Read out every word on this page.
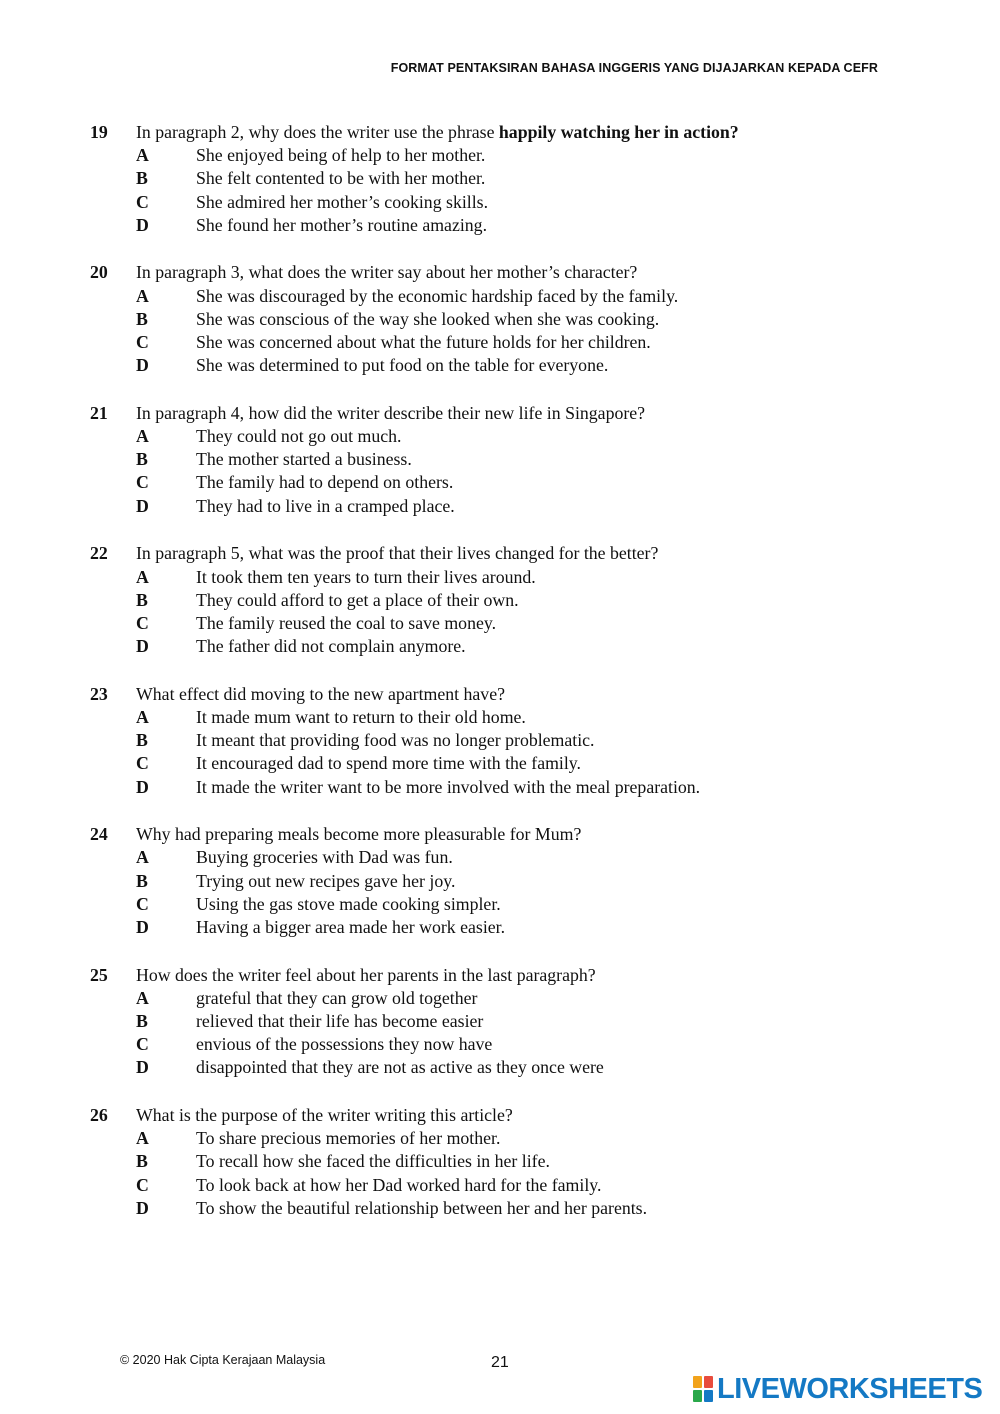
FORMAT PENTAKSIRAN BAHASA INGGERIS YANG DIJAJARKAN KEPADA CEFR
19	In paragraph 2, why does the writer use the phrase happily watching her in action?
A	She enjoyed being of help to her mother.
B	She felt contented to be with her mother.
C	She admired her mother’s cooking skills.
D	She found her mother’s routine amazing.
20	In paragraph 3, what does the writer say about her mother’s character?
A	She was discouraged by the economic hardship faced by the family.
B	She was conscious of the way she looked when she was cooking.
C	She was concerned about what the future holds for her children.
D	She was determined to put food on the table for everyone.
21	In paragraph 4, how did the writer describe their new life in Singapore?
A	They could not go out much.
B	The mother started a business.
C	The family had to depend on others.
D	They had to live in a cramped place.
22	In paragraph 5, what was the proof that their lives changed for the better?
A	It took them ten years to turn their lives around.
B	They could afford to get a place of their own.
C	The family reused the coal to save money.
D	The father did not complain anymore.
23	What effect did moving to the new apartment have?
A	It made mum want to return to their old home.
B	It meant that providing food was no longer problematic.
C	It encouraged dad to spend more time with the family.
D	It made the writer want to be more involved with the meal preparation.
24	Why had preparing meals become more pleasurable for Mum?
A	Buying groceries with Dad was fun.
B	Trying out new recipes gave her joy.
C	Using the gas stove made cooking simpler.
D	Having a bigger area made her work easier.
25	How does the writer feel about her parents in the last paragraph?
A	grateful that they can grow old together
B	relieved that their life has become easier
C	envious of the possessions they now have
D	disappointed that they are not as active as they once were
26	What is the purpose of the writer writing this article?
A	To share precious memories of her mother.
B	To recall how she faced the difficulties in her life.
C	To look back at how her Dad worked hard for the family.
D	To show the beautiful relationship between her and her parents.
© 2020 Hak Cipta Kerajaan Malaysia	21
LIVEWORKSHEETS
